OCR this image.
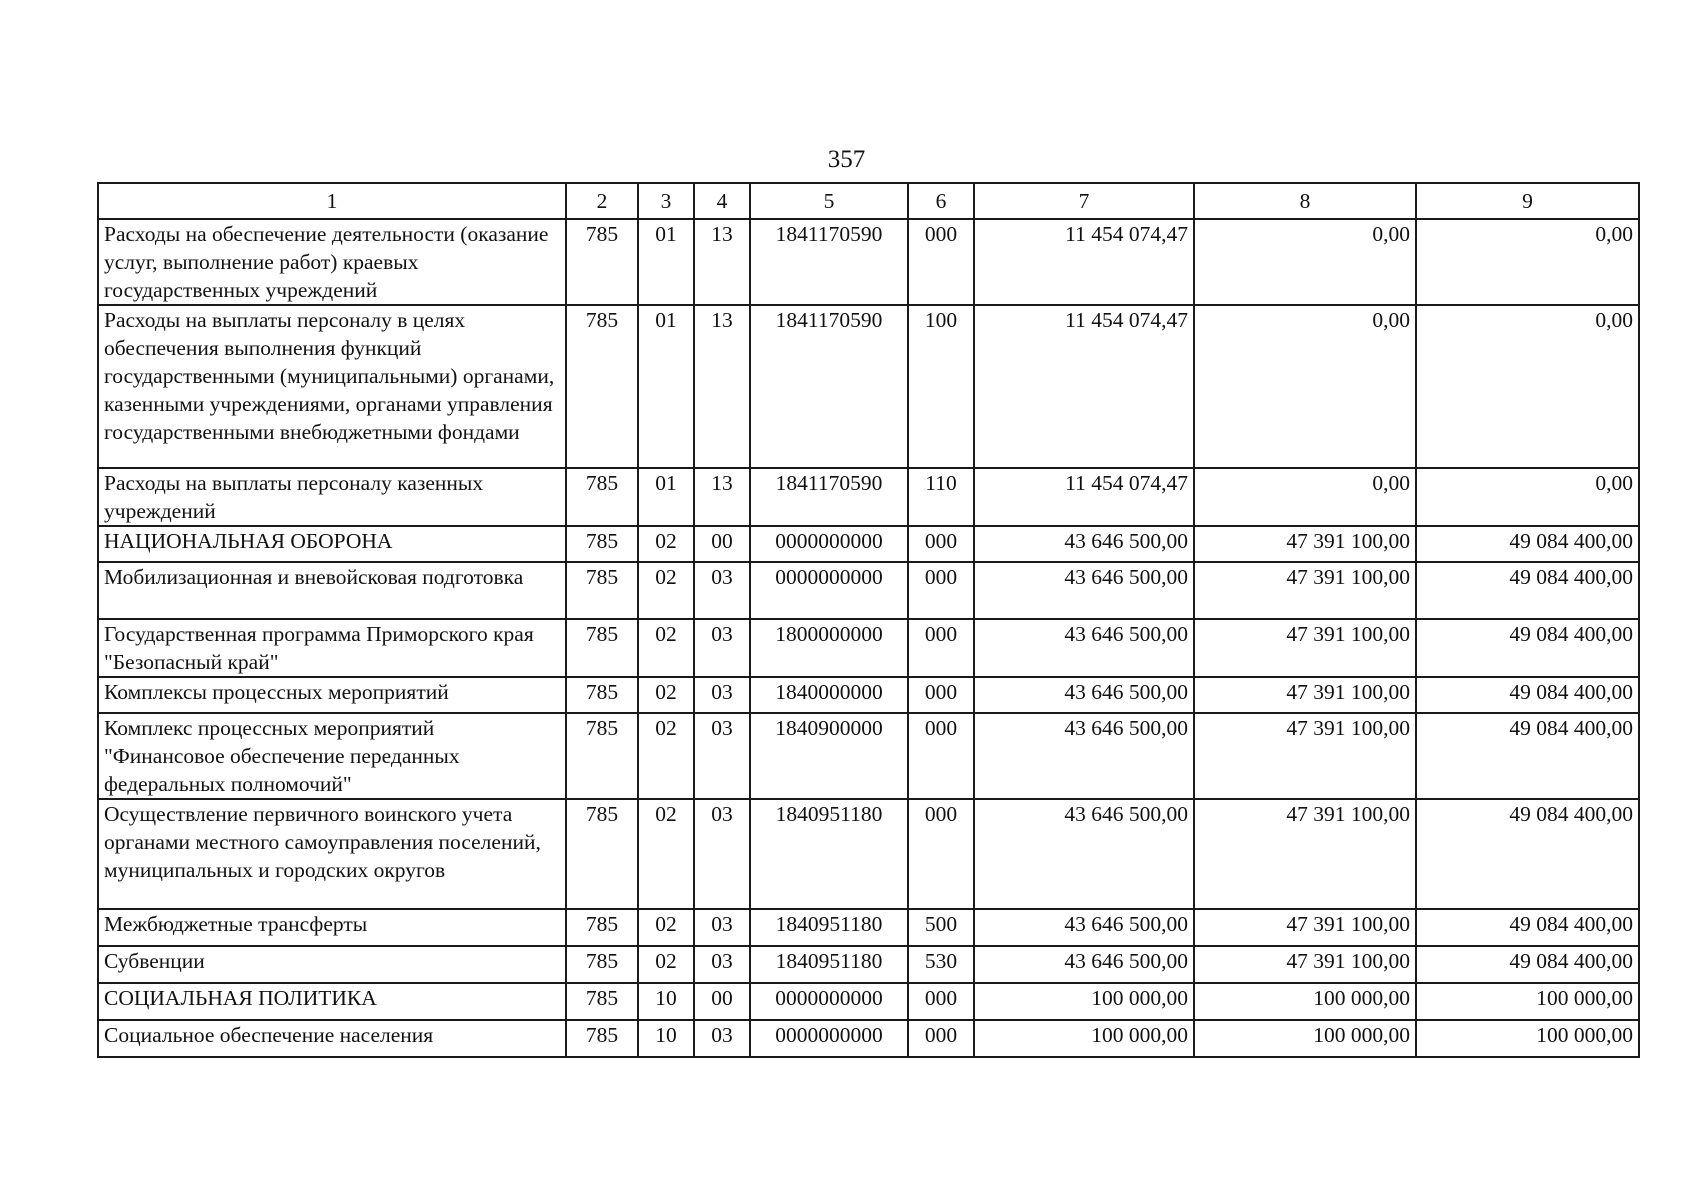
357
1	2	3	4	5	6	7	8	9
Расходы на обеспечение деятельности (оказание услуг, выполнение работ) краевых государственных учреждений	785	01	13	1841170590	000	11 454 074,47	0,00	0,00
Расходы на выплаты персоналу в целях обеспечения выполнения функций государственными (муниципальными) органами, казенными учреждениями, органами управления государственными внебюджетными фондами	785	01	13	1841170590	100	11 454 074,47	0,00	0,00
Расходы на выплаты персоналу казенных учреждений	785	01	13	1841170590	110	11 454 074,47	0,00	0,00
НАЦИОНАЛЬНАЯ ОБОРОНА	785	02	00	0000000000	000	43 646 500,00	47 391 100,00	49 084 400,00
Мобилизационная и вневойсковая подготовка	785	02	03	0000000000	000	43 646 500,00	47 391 100,00	49 084 400,00
Государственная программа Приморского края "Безопасный край"	785	02	03	1800000000	000	43 646 500,00	47 391 100,00	49 084 400,00
Комплексы процессных мероприятий	785	02	03	1840000000	000	43 646 500,00	47 391 100,00	49 084 400,00
Комплекс процессных мероприятий "Финансовое обеспечение переданных федеральных полномочий"	785	02	03	1840900000	000	43 646 500,00	47 391 100,00	49 084 400,00
Осуществление первичного воинского учета органами местного самоуправления поселений, муниципальных и городских округов	785	02	03	1840951180	000	43 646 500,00	47 391 100,00	49 084 400,00
Межбюджетные трансферты	785	02	03	1840951180	500	43 646 500,00	47 391 100,00	49 084 400,00
Субвенции	785	02	03	1840951180	530	43 646 500,00	47 391 100,00	49 084 400,00
СОЦИАЛЬНАЯ ПОЛИТИКА	785	10	00	0000000000	000	100 000,00	100 000,00	100 000,00
Социальное обеспечение населения	785	10	03	0000000000	000	100 000,00	100 000,00	100 000,00
